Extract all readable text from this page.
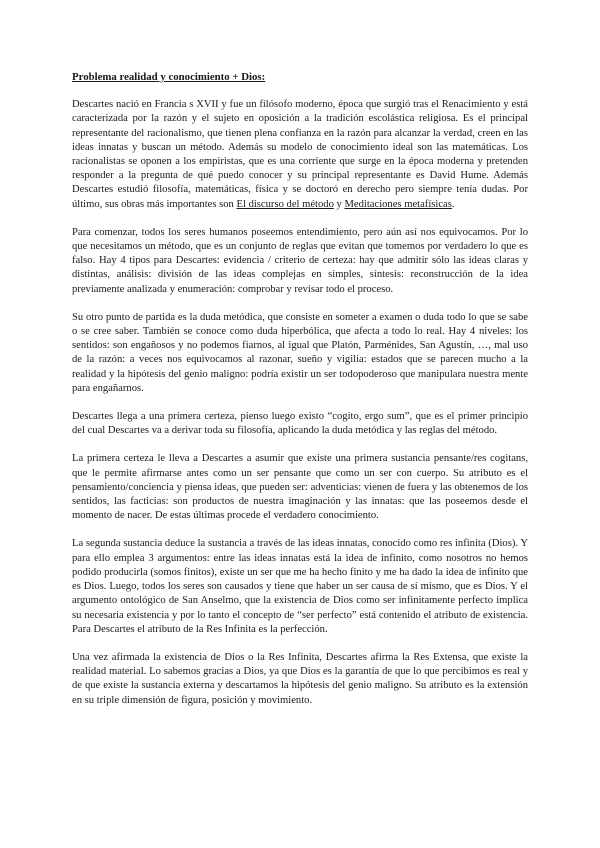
Problema realidad y conocimiento + Dios:

Descartes nació en Francia s XVII y fue un filósofo moderno, época que surgió tras el Renacimiento y está caracterizada por la razón y el sujeto en oposición a la tradición escolástica religiosa. Es el principal representante del racionalismo, que tienen plena confianza en la razón para alcanzar la verdad, creen en las ideas innatas y buscan un método. Además su modelo de conocimiento ideal son las matemáticas. Los racionalistas se oponen a los empiristas, que es una corriente que surge en la época moderna y pretenden responder a la pregunta de qué puedo conocer y su principal representante es David Hume. Además Descartes estudió filosofía, matemáticas, física y se doctoró en derecho pero siempre tenía dudas. Por último, sus obras más importantes son El discurso del método y Meditaciones metafísicas.

Para comenzar, todos los seres humanos poseemos entendimiento, pero aún así nos equivocamos. Por lo que necesitamos un método, que es un conjunto de reglas que evitan que tomemos por verdadero lo que es falso. Hay 4 tipos para Descartes: evidencia / criterio de certeza: hay que admitir sólo las ideas claras y distintas, análisis: división de las ideas complejas en simples, síntesis: reconstrucción de la idea previamente analizada y enumeración: comprobar y revisar todo el proceso.

Su otro punto de partida es la duda metódica, que consiste en someter a examen o duda todo lo que se sabe o se cree saber. También se conoce como duda hiperbólica, que afecta a todo lo real. Hay 4 niveles: los sentidos: son engañosos y no podemos fiarnos, al igual que Platón, Parménides, San Agustín, …, mal uso de la razón: a veces nos equivocamos al razonar, sueño y vigilia: estados que se parecen mucho a la realidad y la hipótesis del genio maligno: podría existir un ser todopoderoso que manipulara nuestra mente para engañarnos.

Descartes llega a una primera certeza, pienso luego existo “cogito, ergo sum”, que es el primer principio del cual Descartes va a derivar toda su filosofía, aplicando la duda metódica y las reglas del método.

La primera certeza le lleva a Descartes a asumir que existe una primera sustancia pensante/res cogitans, que le permite afirmarse antes como un ser pensante que como un ser con cuerpo. Su atributo es el pensamiento/conciencia y piensa ideas, que pueden ser: adventicias: vienen de fuera y las obtenemos de los sentidos, las facticias: son productos de nuestra imaginación y las innatas: que las poseemos desde el momento de nacer. De estas últimas procede el verdadero conocimiento.

La segunda sustancia deduce la sustancia a través de las ideas innatas, conocido como res infinita (Dios). Y para ello emplea 3 argumentos: entre las ideas innatas está la idea de infinito, como nosotros no hemos podido producirla (somos finitos), existe un ser que me ha hecho finito y me ha dado la idea de infinito que es Dios. Luego, todos los seres son causados y tiene que haber un ser causa de sí mismo, que es Dios. Y el argumento ontológico de San Anselmo, que la existencia de Dios como ser infinitamente perfecto implica su necesaria existencia y por lo tanto el concepto de “ser perfecto” está contenido el atributo de existencia. Para Descartes el atributo de la Res Infinita es la perfección.

Una vez afirmada la existencia de Dios o la Res Infinita, Descartes afirma la Res Extensa, que existe la realidad material. Lo sabemos gracias a Dios, ya que Dios es la garantía de que lo que percibimos es real y de que existe la sustancia externa y descartamos la hipótesis del genio maligno. Su atributo es la extensión en su triple dimensión de figura, posición y movimiento.
